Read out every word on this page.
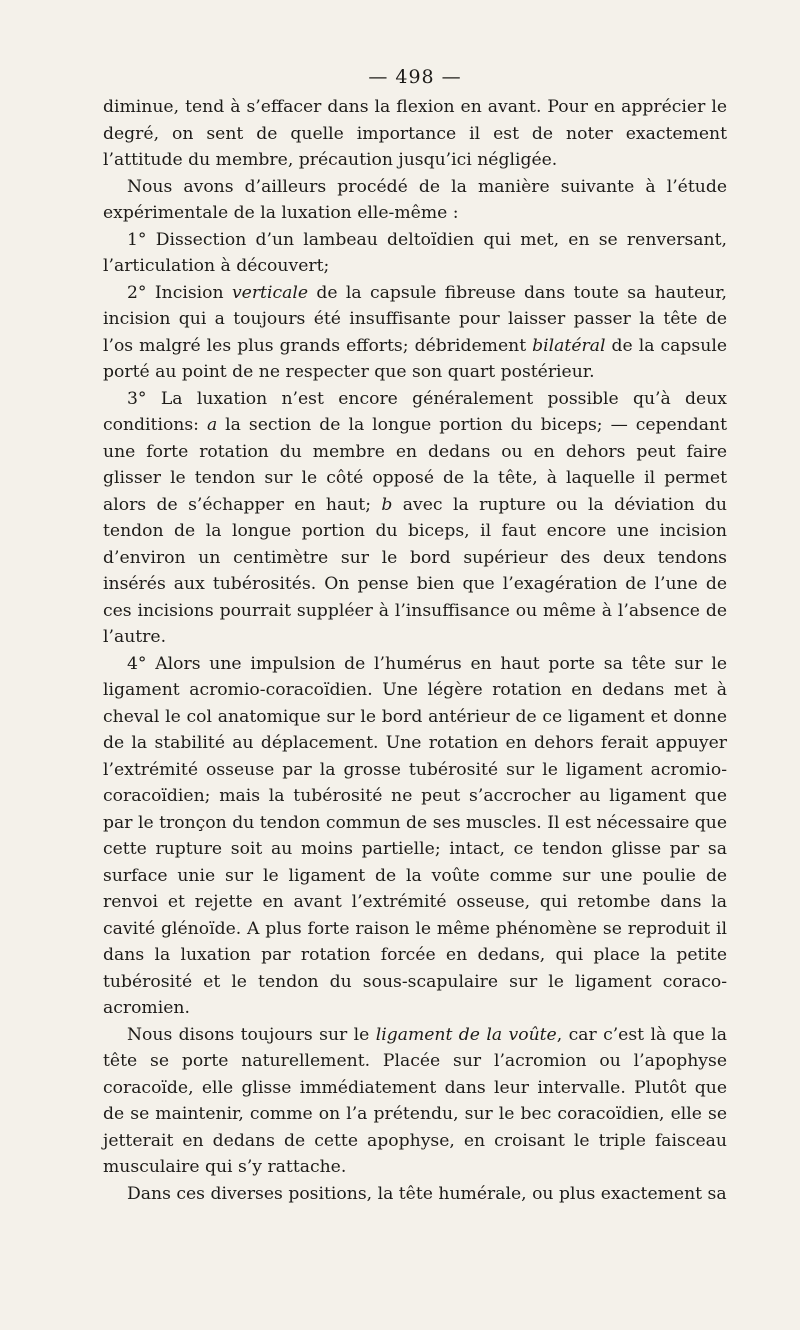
— 498 —

diminue, tend à s’effacer dans la flexion en avant. Pour en apprécier le degré, on sent de quelle importance il est de noter exactement l’attitude du membre, précaution jusqu’ici négligée.

Nous avons d’ailleurs procédé de la manière suivante à l’étude expérimentale de la luxation elle-même :

1° Dissection d’un lambeau deltoïdien qui met, en se renversant, l’articulation à découvert;

2° Incision verticale de la capsule fibreuse dans toute sa hauteur, incision qui a toujours été insuffisante pour laisser passer la tête de l’os malgré les plus grands efforts; débridement bilatéral de la capsule porté au point de ne respecter que son quart postérieur.

3° La luxation n’est encore généralement possible qu’à deux conditions: a la section de la longue portion du biceps; — cependant une forte rotation du membre en dedans ou en dehors peut faire glisser le tendon sur le côté opposé de la tête, à laquelle il permet alors de s’échapper en haut; b avec la rupture ou la déviation du tendon de la longue portion du biceps, il faut encore une incision d’environ un centimètre sur le bord supérieur des deux tendons insérés aux tubérosités. On pense bien que l’exagération de l’une de ces incisions pourrait suppléer à l’insuffisance ou même à l’absence de l’autre.

4° Alors une impulsion de l’humérus en haut porte sa tête sur le ligament acromio-coracoïdien. Une légère rotation en dedans met à cheval le col anatomique sur le bord antérieur de ce ligament et donne de la stabilité au déplacement. Une rotation en dehors ferait appuyer l’extrémité osseuse par la grosse tubérosité sur le ligament acromio-coracoïdien; mais la tubérosité ne peut s’accrocher au ligament que par le tronçon du tendon commun de ses muscles. Il est nécessaire que cette rupture soit au moins partielle; intact, ce tendon glisse par sa surface unie sur le ligament de la voûte comme sur une poulie de renvoi et rejette en avant l’extrémité osseuse, qui retombe dans la cavité glénoïde. A plus forte raison le même phénomène se reproduit il dans la luxation par rotation forcée en dedans, qui place la petite tubérosité et le tendon du sous-scapulaire sur le ligament coraco-acromien.

Nous disons toujours sur le ligament de la voûte, car c’est là que la tête se porte naturellement. Placée sur l’acromion ou l’apophyse coracoïde, elle glisse immédiatement dans leur intervalle. Plutôt que de se maintenir, comme on l’a prétendu, sur le bec coracoïdien, elle se jetterait en dedans de cette apophyse, en croisant le triple faisceau musculaire qui s’y rattache.

Dans ces diverses positions, la tête humérale, ou plus exactement sa
